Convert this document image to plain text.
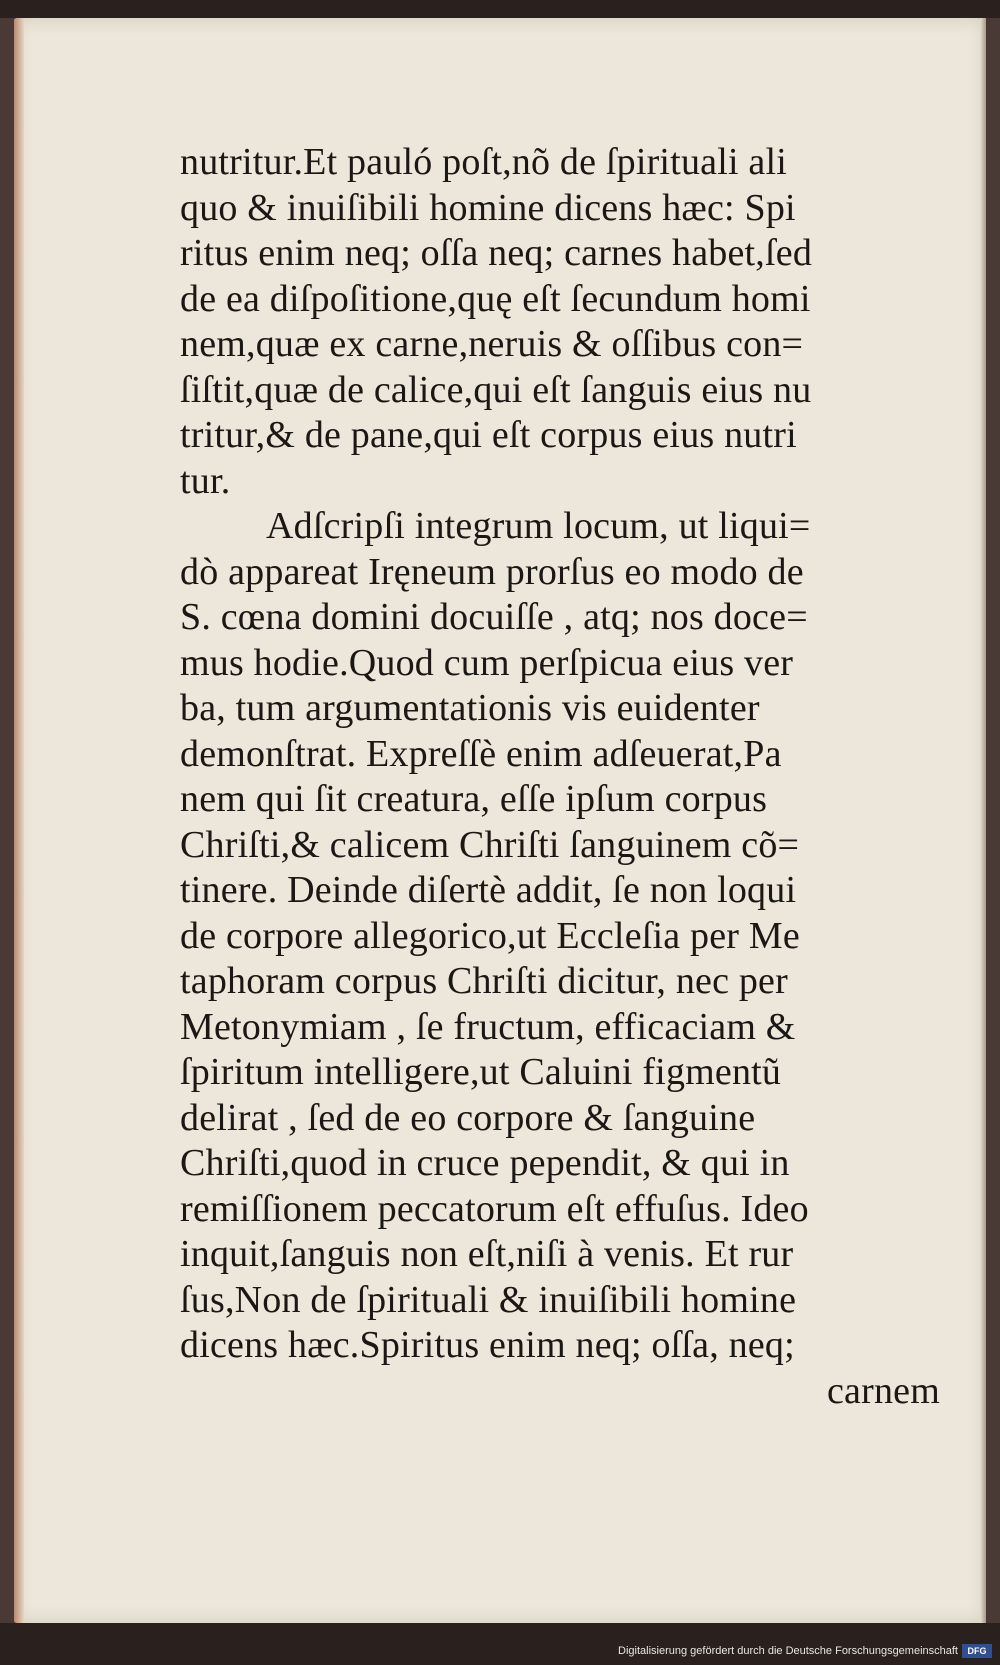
nutritur.Et pauló poſt,nõ de ſpirituali ali
quo & inuiſibili homine dicens hæc: Spi
ritus enim neq; oſſa neq; carnes habet,ſed
de ea diſpoſitione,quę eſt ſecundum homi
nem,quæ ex carne,neruis & oſſibus con=
ſiſtit,quæ de calice,qui eſt ſanguis eius nu
tritur,& de pane,qui eſt corpus eius nutri
tur.
Adſcripſi integrum locum, ut liqui=
dò appareat Iręneum prorſus eo modo de
S. cœna domini docuiſſe , atq; nos doce=
mus hodie.Quod cum perſpicua eius ver
ba, tum argumentationis vis euidenter
demonſtrat. Expreſſè enim adſeuerat,Pa
nem qui ſit creatura, eſſe ipſum corpus
Chriſti,& calicem Chriſti ſanguinem cõ=
tinere. Deinde diſertè addit, ſe non loqui
de corpore allegorico,ut Eccleſia per Me
taphoram corpus Chriſti dicitur, nec per
Metonymiam , ſe fructum, efficaciam &
ſpiritum intelligere,ut Caluini figmentũ
delirat , ſed de eo corpore & ſanguine
Chriſti,quod in cruce pependit, & qui in
remiſſionem peccatorum eſt effuſus. Ideo
inquit,ſanguis non eſt,niſi à venis. Et rur
ſus,Non de ſpirituali & inuiſibili homine
dicens hæc.Spiritus enim neq; oſſa, neq;
carnem
Digitalisierung gefördert durch die Deutsche Forschungsgemeinschaft	DFG
